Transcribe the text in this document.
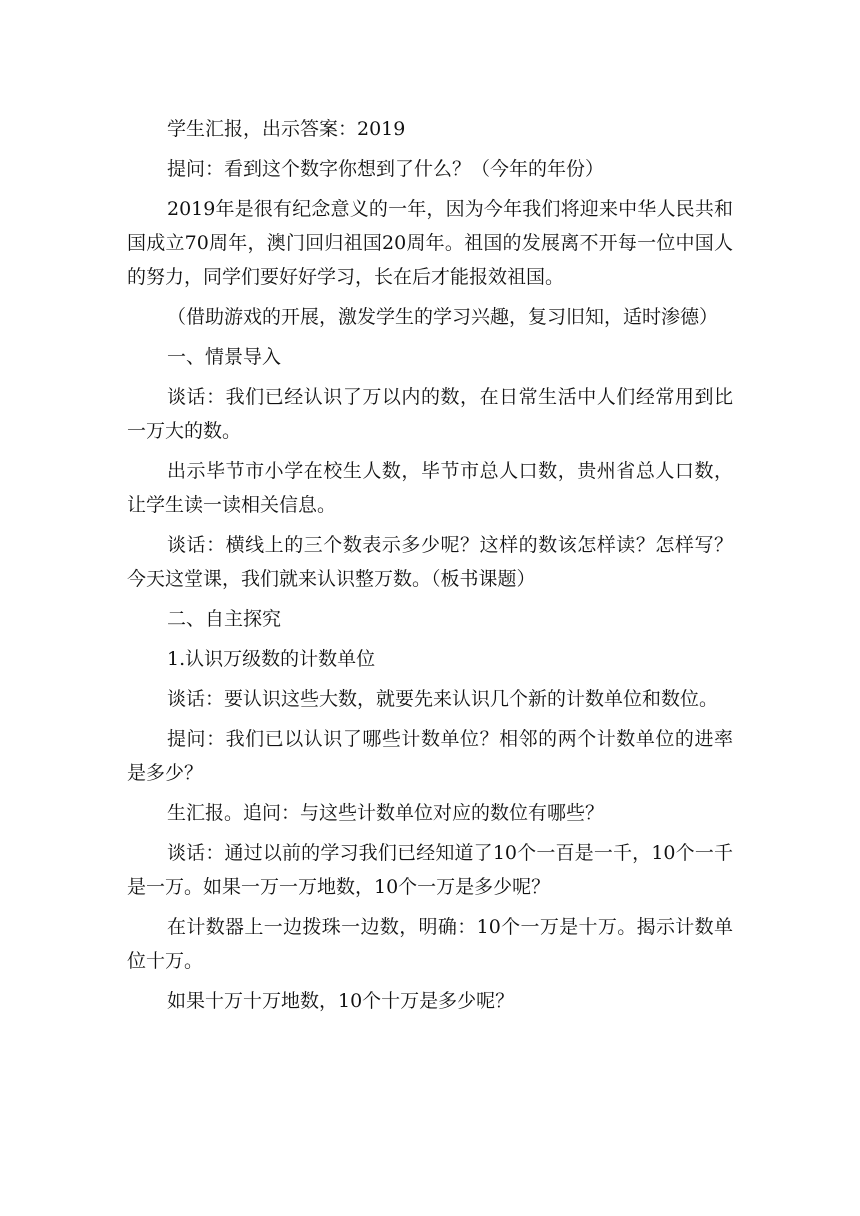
学生汇报，出示答案：2019

提问：看到这个数字你想到了什么？（今年的年份）

2019年是很有纪念意义的一年，因为今年我们将迎来中华人民共和国成立70周年，澳门回归祖国20周年。祖国的发展离不开每一位中国人的努力，同学们要好好学习，长在后才能报效祖国。

（借助游戏的开展，激发学生的学习兴趣，复习旧知，适时渗德）

一、情景导入

谈话：我们已经认识了万以内的数，在日常生活中人们经常用到比一万大的数。

出示毕节市小学在校生人数，毕节市总人口数，贵州省总人口数，让学生读一读相关信息。

谈话：横线上的三个数表示多少呢？这样的数该怎样读？怎样写？今天这堂课，我们就来认识整万数。（板书课题）

二、自主探究

1.认识万级数的计数单位

谈话：要认识这些大数，就要先来认识几个新的计数单位和数位。

提问：我们已以认识了哪些计数单位？相邻的两个计数单位的进率是多少？

生汇报。追问：与这些计数单位对应的数位有哪些？

谈话：通过以前的学习我们已经知道了10个一百是一千，10个一千是一万。如果一万一万地数，10个一万是多少呢？

在计数器上一边拨珠一边数，明确：10个一万是十万。揭示计数单位十万。

如果十万十万地数，10个十万是多少呢？
